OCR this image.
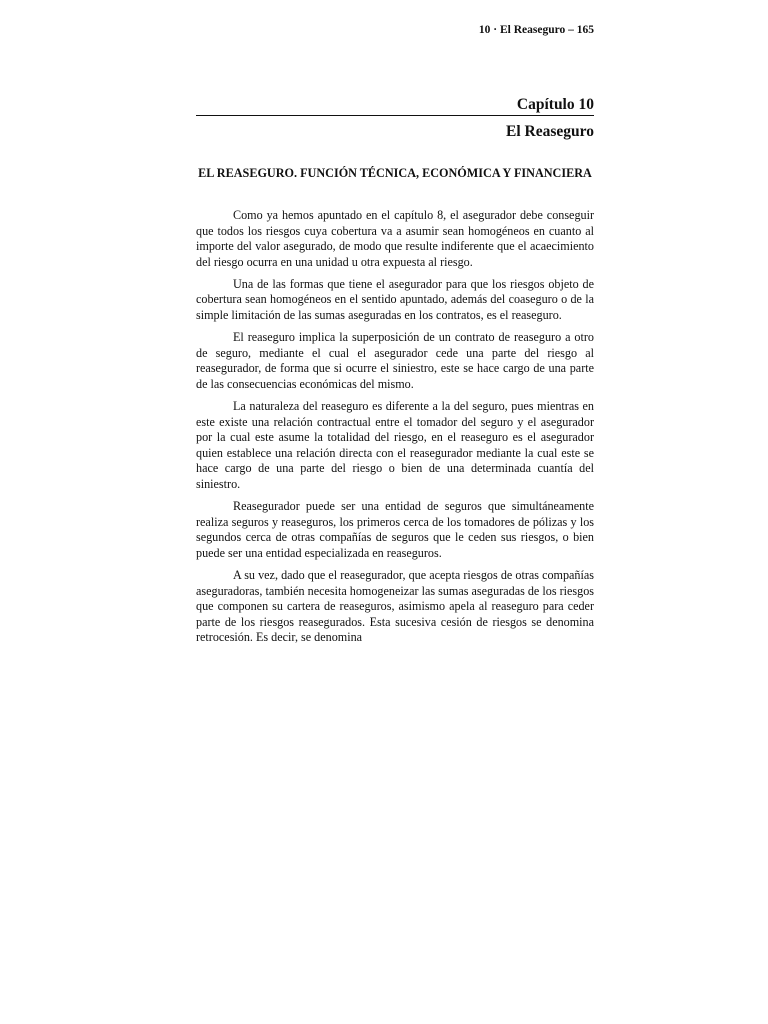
10 · El Reaseguro – 165
Capítulo 10
El Reaseguro
EL REASEGURO. FUNCIÓN TÉCNICA, ECONÓMICA Y FINANCIERA

Como ya hemos apuntado en el capítulo 8, el asegurador debe conseguir que todos los riesgos cuya cobertura va a asumir sean homogéneos en cuanto al importe del valor asegurado, de modo que resulte indiferente que el acaecimiento del riesgo ocurra en una unidad u otra expuesta al riesgo.

Una de las formas que tiene el asegurador para que los riesgos objeto de cobertura sean homogéneos en el sentido apuntado, además del coaseguro o de la simple limitación de las sumas aseguradas en los contratos, es el reaseguro.

El reaseguro implica la superposición de un contrato de reaseguro a otro de seguro, mediante el cual el asegurador cede una parte del riesgo al reasegurador, de forma que si ocurre el siniestro, este se hace cargo de una parte de las consecuencias económicas del mismo.

La naturaleza del reaseguro es diferente a la del seguro, pues mientras en este existe una relación contractual entre el tomador del seguro y el asegurador por la cual este asume la totalidad del riesgo, en el reaseguro es el asegurador quien establece una relación directa con el reasegurador mediante la cual este se hace cargo de una parte del riesgo o bien de una determinada cuantía del siniestro.

Reasegurador puede ser una entidad de seguros que simultáneamente realiza seguros y reaseguros, los primeros cerca de los tomadores de pólizas y los segundos cerca de otras compañías de seguros que le ceden sus riesgos, o bien puede ser una entidad especializada en reaseguros.

A su vez, dado que el reasegurador, que acepta riesgos de otras compañías aseguradoras, también necesita homogeneizar las sumas aseguradas de los riesgos que componen su cartera de reaseguros, asimismo apela al reaseguro para ceder parte de los riesgos reasegurados. Esta sucesiva cesión de riesgos se denomina retrocesión. Es decir, se denomina
